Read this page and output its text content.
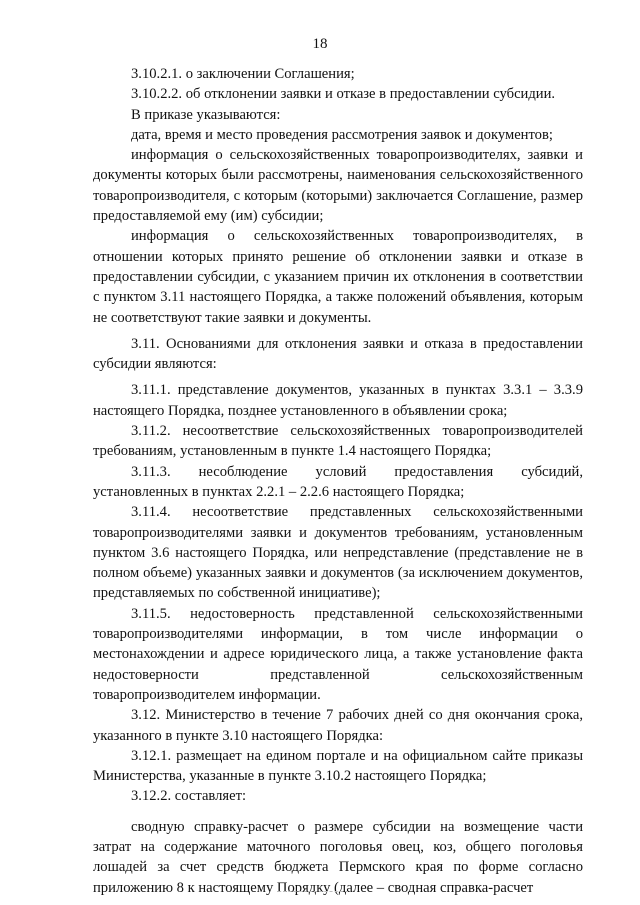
18

3.10.2.1. о заключении Соглашения;

3.10.2.2. об отклонении заявки и отказе в предоставлении субсидии.

В приказе указываются:

дата, время и место проведения рассмотрения заявок и документов;

информация о сельскохозяйственных товаропроизводителях, заявки и документы которых были рассмотрены, наименования сельскохозяйственного товаропроизводителя, с которым (которыми) заключается Соглашение, размер предоставляемой ему (им) субсидии;

информация о сельскохозяйственных товаропроизводителях, в отношении которых принято решение об отклонении заявки и отказе в предоставлении субсидии, с указанием причин их отклонения в соответствии с пунктом 3.11 настоящего Порядка, а также положений объявления, которым не соответствуют такие заявки и документы.

3.11. Основаниями для отклонения заявки и отказа в предоставлении субсидии являются:

3.11.1. представление документов, указанных в пунктах 3.3.1 – 3.3.9 настоящего Порядка, позднее установленного в объявлении срока;

3.11.2. несоответствие сельскохозяйственных товаропроизводителей требованиям, установленным в пункте 1.4 настоящего Порядка;

3.11.3. несоблюдение условий предоставления субсидий, установленных в пунктах 2.2.1 – 2.2.6 настоящего Порядка;

3.11.4. несоответствие представленных сельскохозяйственными товаропроизводителями заявки и документов требованиям, установленным пунктом 3.6 настоящего Порядка, или непредставление (представление не в полном объеме) указанных заявки и документов (за исключением документов, представляемых по собственной инициативе);

3.11.5. недостоверность представленной сельскохозяйственными товаропроизводителями информации, в том числе информации о местонахождении и адресе юридического лица, а также установление факта недостоверности представленной сельскохозяйственным товаропроизводителем информации.

3.12. Министерство в течение 7 рабочих дней со дня окончания срока, указанного в пункте 3.10 настоящего Порядка:

3.12.1. размещает на едином портале и на официальном сайте приказы Министерства, указанные в пункте 3.10.2 настоящего Порядка;

3.12.2. составляет:

сводную справку-расчет о размере субсидии на возмещение части затрат на содержание маточного поголовья овец, коз, общего поголовья лошадей за счет средств бюджета Пермского края по форме согласно приложению 8 к настоящему Порядку (далее – сводная справка-расчет
